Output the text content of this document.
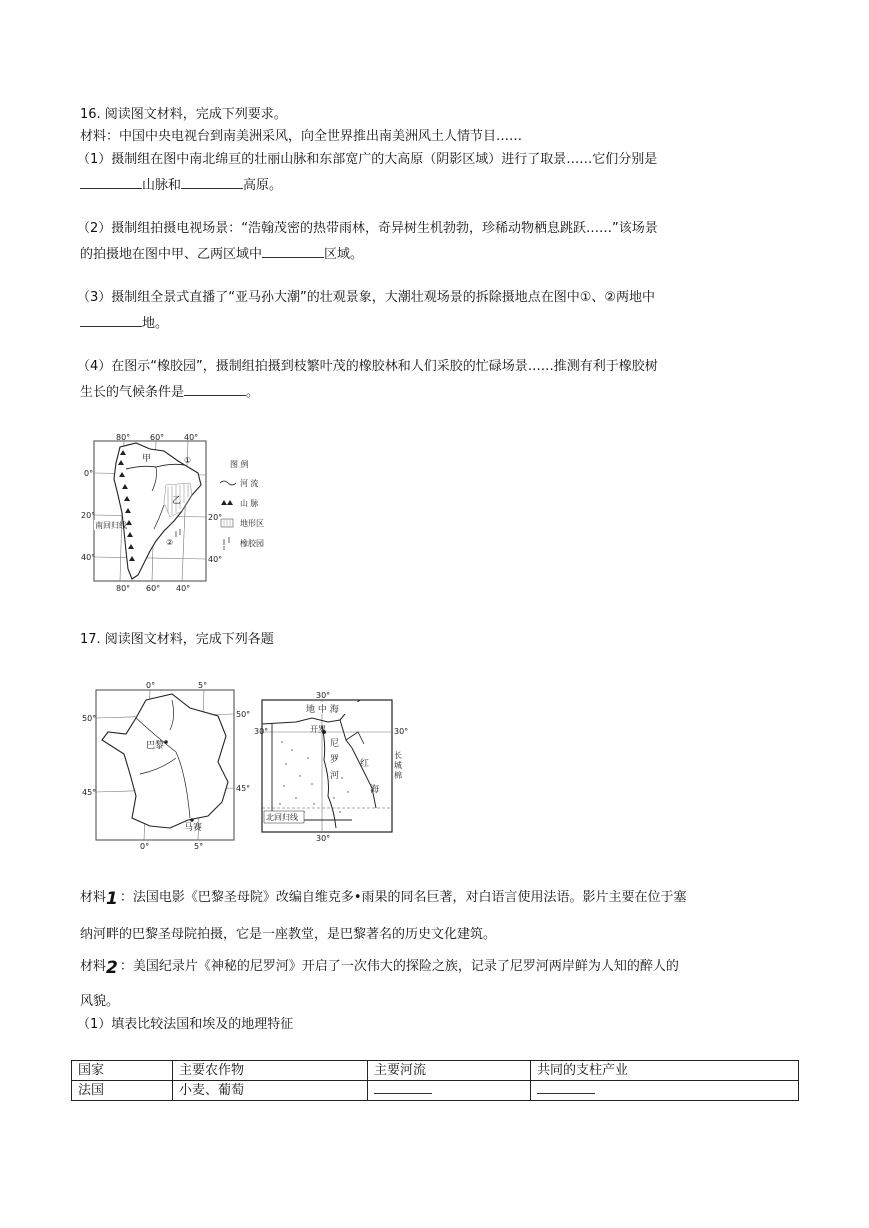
16. 阅读图文材料，完成下列要求。
材料：中国中央电视台到南美洲采风，向全世界推出南美洲风土人情节目……
（1）摄制组在图中南北绵亘的壮丽山脉和东部宽广的大高原（阴影区域）进行了取景……它们分别是
山脉和	高原。
（2）摄制组拍摄电视场景：“浩翰茂密的热带雨林，奇异树生机勃勃，珍稀动物栖息跳跃……”该场景
的拍摄地在图中甲、乙两区域中	区域。
（3）摄制组全景式直播了“亚马孙大潮”的壮观景象，大潮壮观场景的拆除摄地点在图中①、②两地中
地。
（4）在图示“橡胶园”，摄制组拍摄到枝繁叶茂的橡胶林和人们采胶的忙碌场景……推测有利于橡胶树
生长的气候条件是	。
甲
乙
①
②
南回归线
80° 60° 40°
80° 60° 40°
0°
20°
40°
20°
40°
图 例
河 流
山 脉
地形区
橡胶园
17. 阅读图文材料，完成下列各题
巴黎
马赛
0°	5°
0°	5°
50°
45°
50°
45°
地 中 海
开罗
尼
罗
河
红
海
长
城
棉
北回归线
30°
30°
30°	30°
材料1 ：法国电影《巴黎圣母院》改编自维克多•雨果的同名巨著，对白语言使用法语。影片主要在位于塞
纳河畔的巴黎圣母院拍摄，它是一座教堂，是巴黎著名的历史文化建筑。
材料2 ：美国纪录片《神秘的尼罗河》开启了一次伟大的探险之族，记录了尼罗河两岸鲜为人知的醉人的
风貌。
（1）填表比较法国和埃及的地理特征
国家	主要农作物	主要河流	共同的支柱产业
法国	小麦、葡萄		
